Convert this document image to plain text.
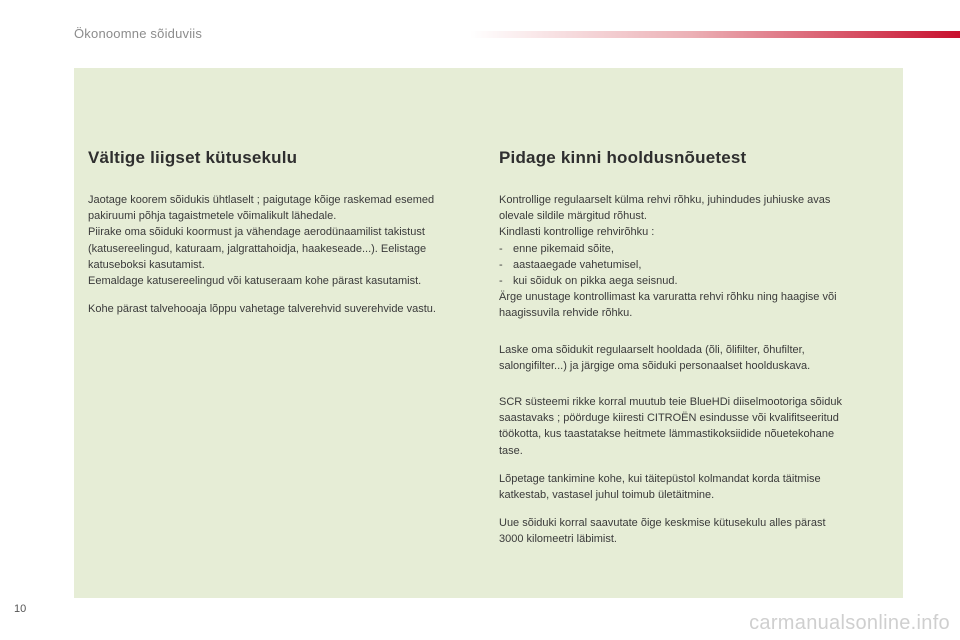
Ökonoomne sõiduviis
Vältige liigset kütusekulu

Jaotage koorem sõidukis ühtlaselt ; paigutage kõige raskemad esemed
pakiruumi põhja tagaistmetele võimalikult lähedale.
Piirake oma sõiduki koormust ja vähendage aerodünaamilist takistust
(katusereelingud, katuraam, jalgrattahoidja, haakeseade...). Eelistage
katuseboksi kasutamist.
Eemaldage katusereelingud või katuseraam kohe pärast kasutamist.

Kohe pärast talvehooaja lõppu vahetage talverehvid suverehvide vastu.

Pidage kinni hooldusnõuetest
Kontrollige regulaarselt külma rehvi rõhku, juhindudes juhiuske avas
olevale sildile märgitud rõhust.
Kindlasti kontrollige rehvirõhku :
- enne pikemaid sõite,
- aastaaegade vahetumisel,
- kui sõiduk on pikka aega seisnud.
Ärge unustage kontrollimast ka varuratta rehvi rõhku ning haagise või
haagissuvila rehvide rõhku.

Laske oma sõidukit regulaarselt hooldada (õli, õlifilter, õhufilter,
salongifilter...) ja järgige oma sõiduki personaalset hoolduskava.

SCR süsteemi rikke korral muutub teie BlueHDi diiselmootoriga sõiduk
saastavaks ; pöörduge kiiresti CITROËN esindusse või kvalifitseeritud
töökotta, kus taastatakse heitmete lämmastikoksiidide nõuetekohane
tase.

Lõpetage tankimine kohe, kui täitepüstol kolmandat korda täitmise
katkestab, vastasel juhul toimub ületäitmine.

Uue sõiduki korral saavutate õige keskmise kütusekulu alles pärast
3000 kilomeetri läbimist.

10
carmanualsonline.info
